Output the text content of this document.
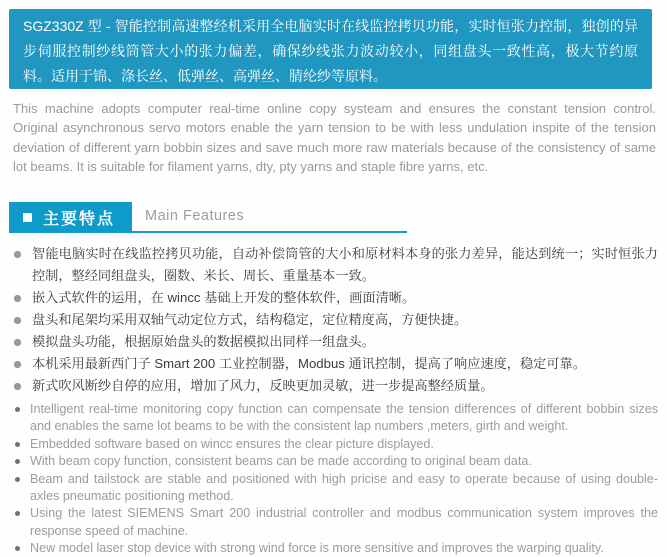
SGZ330Z 型 - 智能控制高速整经机采用全电脑实时在线监控拷贝功能，实时恒张力控制，独创的异步伺服控制纱线筒管大小的张力偏差，确保纱线张力波动较小，同组盘头一致性高，极大节约原料。适用于锦、涤长丝、低弹丝、高弹丝、腈纶纱等原料。

This machine adopts computer real-time online copy systeam and ensures the constant tension control. Original asynchronous servo motors enable the yarn tension to be with less undulation inspite of the tension deviation of different yarn bobbin sizes and save much more raw materials because of the consistency of same lot beams. It is suitable for filament yarns, dty, pty yarns and staple fibre yarns, etc.

主要特点 Main Features
智能电脑实时在线监控拷贝功能，自动补偿筒管的大小和原材料本身的张力差异，能达到统一；实时恒张力控制，整经同组盘头，圈数、米长、周长、重量基本一致。
嵌入式软件的运用，在 wincc 基础上开发的整体软件，画面清晰。
盘头和尾架均采用双轴气动定位方式，结构稳定，定位精度高，方便快捷。
模拟盘头功能，根据原始盘头的数据模拟出同样一组盘头。
本机采用最新西门子 Smart 200 工业控制器，Modbus 通讯控制，提高了响应速度，稳定可靠。
新式吹风断纱自停的应用，增加了风力，反映更加灵敏，进一步提高整经质量。
Intelligent real-time monitoring copy function can compensate the tension differences of different bobbin sizes and enables the same lot beams to be with the consistent lap numbers ,meters, girth and weight.
Embedded software based on wincc ensures the clear picture displayed.
With beam copy function, consistent beams can be made according to original beam data.
Beam and tailstock are stable and positioned with high pricise and easy to operate because of using double-axles pneumatic positioning method.
Using the latest SIEMENS Smart 200 industrial controller and modbus communication system improves the response speed of machine.
New model laser stop device with strong wind force is more sensitive and improves the warping quality.
